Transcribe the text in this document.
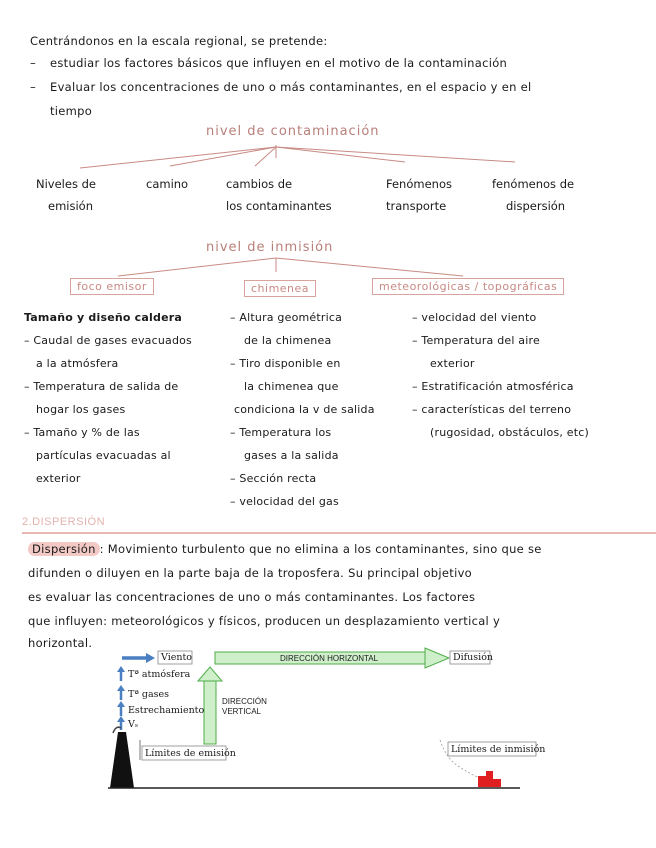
Centrándonos en la escala regional, se pretende:
– estudiar los factores básicos que influyen en el motivo de la contaminación
– Evaluar los concentraciones de uno o más contaminantes, en el espacio y en el
tiempo
nivel de contaminación
Niveles de
emisión
camino	cambios de
los contaminantes
Fenómenos
transporte
fenómenos de
dispersión
nivel de inmisión
foco emisor	chimenea	meteorológicas / topográficas
Tamaño y diseño caldera
– Caudal de gases evacuados
a la atmósfera
– Temperatura de salida de
hogar los gases
– Tamaño y % de las
partículas evacuadas al
exterior
– Altura geométrica
de la chimenea
– Tiro disponible en
la chimenea que
condiciona la v de salida
– Temperatura los
gases a la salida
– Sección recta
– velocidad del gas
– velocidad del viento
– Temperatura del aire
exterior
– Estratificación atmosférica
– características del terreno
(rugosidad, obstáculos, etc)
2.DISPERSIÓN
Dispersión : Movimiento turbulento que no elimina a los contaminantes, sino que se
difunden o diluyen en la parte baja de la troposfera. Su principal objetivo
es evaluar las concentraciones de uno o más contaminantes. Los factores
que influyen: meteorológicos y físicos, producen un desplazamiento vertical y
horizontal.
Viento	DIRECCIÓN HORIZONTAL	Difusión
Tª atmósfera
Tª gases
Estrechamiento
Vₛ
DIRECCIÓN
VERTICAL
Límites de emisión	Límites de inmisión
